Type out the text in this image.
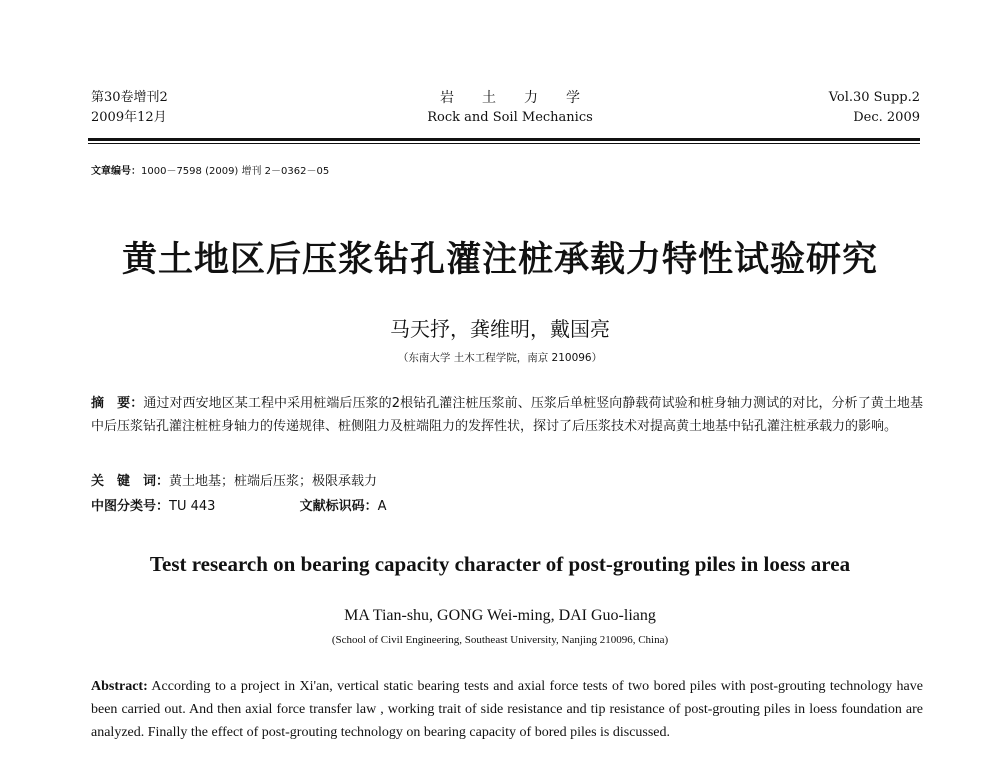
第30卷增刊2
2009年12月
岩土力学
Rock and Soil Mechanics
Vol.30 Supp.2
Dec. 2009
文章编号：1000－7598 (2009) 增刊 2－0362－05
黄土地区后压浆钻孔灌注桩承载力特性试验研究
马天抒，龚维明，戴国亮
（东南大学 土木工程学院，南京 210096）
摘　要：通过对西安地区某工程中采用桩端后压浆的2根钻孔灌注桩压浆前、压浆后单桩竖向静载荷试验和桩身轴力测试的对比，分析了黄土地基中后压浆钻孔灌注桩桩身轴力的传递规律、桩侧阻力及桩端阻力的发挥性状，探讨了后压浆技术对提高黄土地基中钻孔灌注桩承载力的影响。
关　键　词：黄土地基；桩端后压浆；极限承载力
中图分类号：TU 443	文献标识码：A
Test research on bearing capacity character of post-grouting piles in loess area
MA Tian-shu, GONG Wei-ming, DAI Guo-liang
(School of Civil Engineering, Southeast University, Nanjing 210096, China)
Abstract: According to a project in Xi'an, vertical static bearing tests and axial force tests of two bored piles with post-grouting technology have been carried out. And then axial force transfer law , working trait of side resistance and tip resistance of post-grouting piles in loess foundation are analyzed. Finally the effect of post-grouting technology on bearing capacity of bored piles is discussed.
